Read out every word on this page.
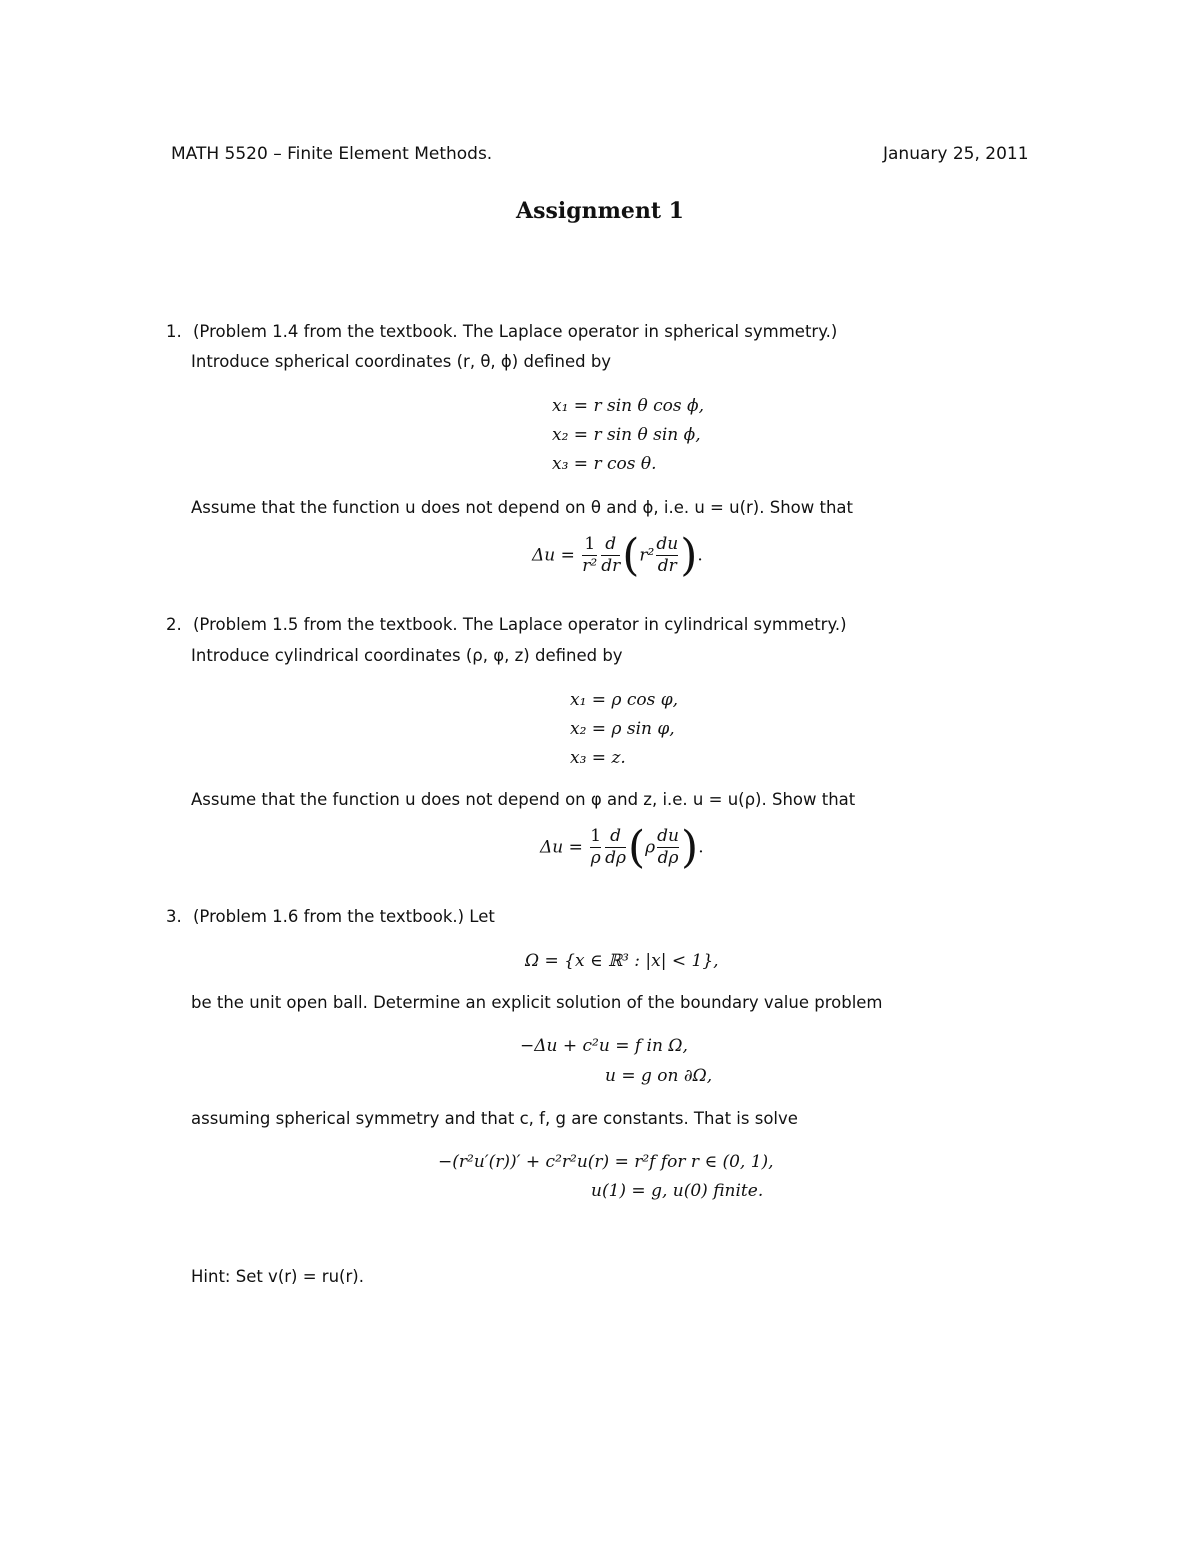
MATH 5520 – Finite Element Methods.	January 25, 2011
Assignment 1
1. (Problem 1.4 from the textbook. The Laplace operator in spherical symmetry.)
Introduce spherical coordinates (r, θ, ϕ) defined by
x₁ = r sin θ cos ϕ,
x₂ = r sin θ sin ϕ,
x₃ = r cos θ.
Assume that the function u does not depend on θ and ϕ, i.e. u = u(r). Show that
$\Delta u = \frac{1}{\text{r²}} \frac{d}{dr} (r^2 \frac{du}{dr}$ ).
2. (Problem 1.5 from the textbook. The Laplace operator in cylindrical symmetry.)
Introduce cylindrical coordinates (ρ, φ, z) defined by
x₁ = ρ cos φ,
x₂ = ρ sin φ,
x₃ = z.
Assume that the function u does not depend on φ and z, i.e. u = u(ρ). Show that
$\Delta u = \frac{1}{\rho} \frac{d}{d\rho} (\rho \frac{du}{d\rho}$ ).
3. (Problem 1.6 from the textbook.) Let
Ω = {x ∈ ℝ³ : |x| < 1},
be the unit open ball. Determine an explicit solution of the boundary value problem
−Δu + c²u = f in Ω,
u = g on ∂Ω,
assuming spherical symmetry and that c, f, g are constants. That is solve
−(r²u′(r))′ + c²r²u(r) = r²f for r ∈ (0, 1),
u(1) = g, u(0) finite.
Hint: Set v(r) = ru(r).
